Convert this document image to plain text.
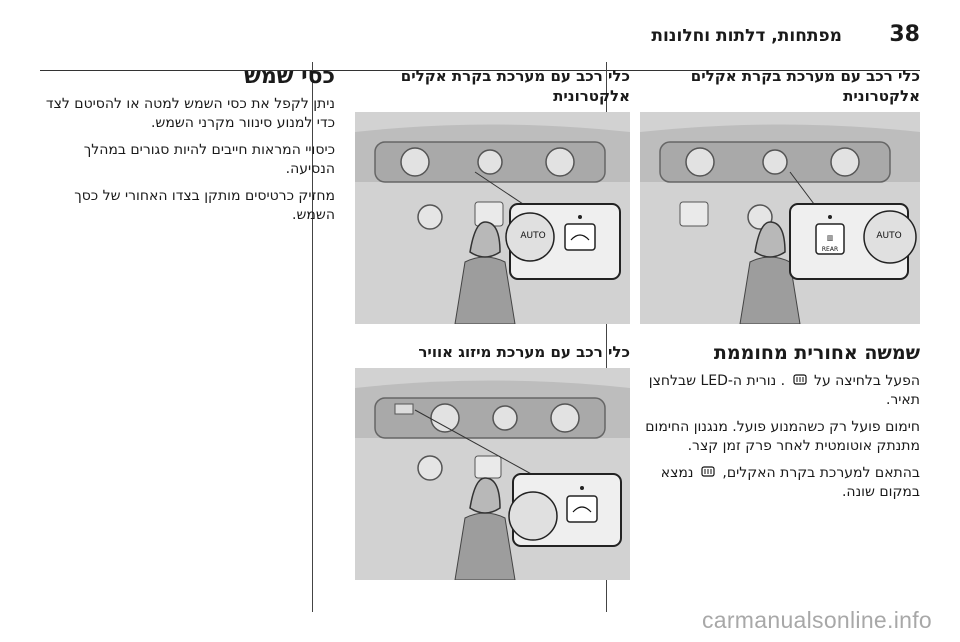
38
מפתחות, דלתות וחלונות
כלי רכב עם מערכת בקרת אקלים אלקטרונית
▥
REAR
AUTO
שמשה אחורית מחוממת

הפעל בלחיצה על  . נורית ה-LED שבלחצן תאיר.

חימום פועל רק כשהמנוע פועל. מנגנון החימום מתנתק אוטומטית לאחר פרק זמן קצר.

בהתאם למערכת בקרת האקלים,  נמצא במקום שונה.

כלי רכב עם מערכת בקרת אקלים אלקטרונית
AUTO
כלי רכב עם מערכת מיזוג אוויר
כסי שמש

ניתן לקפל את כסי השמש למטה או להסיטם לצד כדי למנוע סינוור מקרני השמש.

כיסויי המראות חייבים להיות סגורים במהלך הנסיעה.

מחזיק כרטיסים מותקן בצדו האחורי של כסך השמש.

carmanualsonline.info
